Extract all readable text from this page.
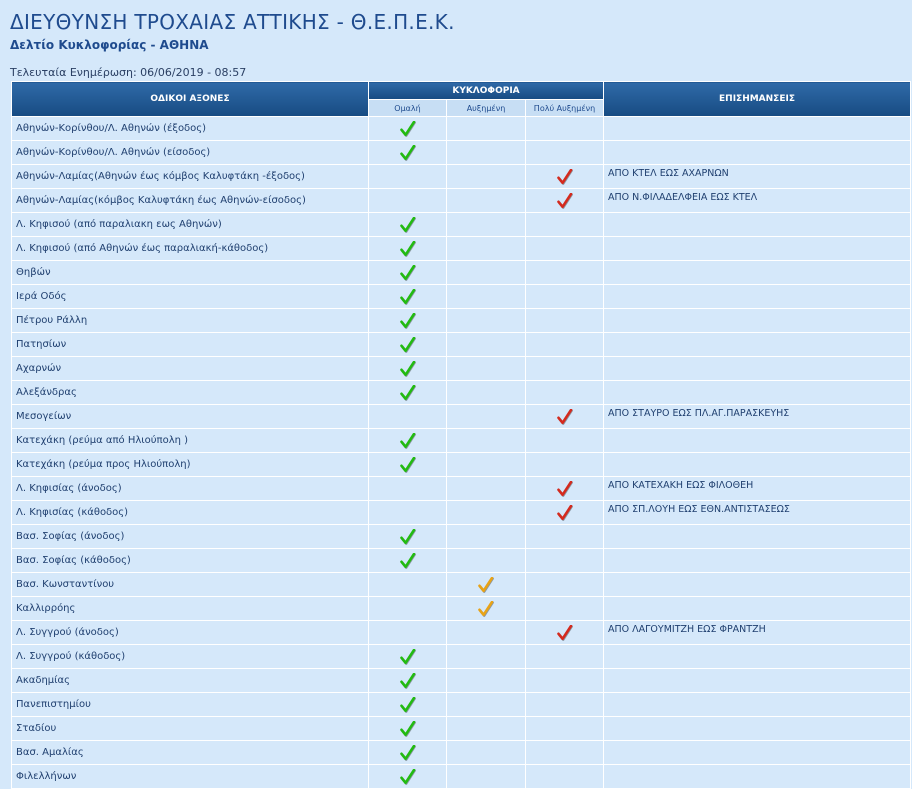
ΔΙΕΥΘΥΝΣΗ ΤΡΟΧΑΙΑΣ ΑΤΤΙΚΗΣ - Θ.Ε.Π.Ε.Κ.
Δελτίο Κυκλοφορίας - ΑΘΗΝΑ
Τελευταία Ενημέρωση: 06/06/2019 - 08:57
ΟΔΙΚΟΙ ΑΞΟΝΕΣ	ΚΥΚΛΟΦΟΡΙΑ			ΕΠΙΣΗΜΑΝΣΕΙΣ
	Ομαλή	Αυξημένη	Πολύ Αυξημένη	
Αθηνών-Κορίνθου/Λ. Αθηνών (έξοδος)				
Αθηνών-Κορίνθου/Λ. Αθηνών (είσοδος)				
Αθηνών-Λαμίας(Αθηνών έως κόμβος Καλυφτάκη -έξοδος)				ΑΠΟ ΚΤΕΛ ΕΩΣ ΑΧΑΡΝΩΝ
Αθηνών-Λαμίας(κόμβος Καλυφτάκη έως Αθηνών-είσοδος)				ΑΠΟ Ν.ΦΙΛΑΔΕΛΦΕΙΑ ΕΩΣ ΚΤΕΛ
Λ. Κηφισού (από παραλιακη εως Αθηνών)				
Λ. Κηφισού (από Αθηνών έως παραλιακή-κάθοδος)				
Θηβών				
Ιερά Οδός				
Πέτρου Ράλλη				
Πατησίων				
Αχαρνών				
Αλεξάνδρας				
Μεσογείων				ΑΠΟ ΣΤΑΥΡΟ ΕΩΣ ΠΛ.ΑΓ.ΠΑΡΑΣΚΕΥΗΣ
Κατεχάκη (ρεύμα από Ηλιούπολη )				
Κατεχάκη (ρεύμα προς Ηλιούπολη)				
Λ. Κηφισίας (άνοδος)				ΑΠΟ ΚΑΤΕΧΑΚΗ ΕΩΣ ΦΙΛΟΘΕΗ
Λ. Κηφισίας (κάθοδος)				ΑΠΟ ΣΠ.ΛΟΥΗ ΕΩΣ ΕΘΝ.ΑΝΤΙΣΤΑΣΕΩΣ
Βασ. Σοφίας (άνοδος)				
Βασ. Σοφίας (κάθοδος)				
Βασ. Κωνσταντίνου				
Καλλιρρόης				
Λ. Συγγρού (άνοδος)				ΑΠΟ ΛΑΓΟΥΜΙΤΖΗ ΕΩΣ ΦΡΑΝΤΖΗ
Λ. Συγγρού (κάθοδος)				
Ακαδημίας				
Πανεπιστημίου				
Σταδίου				
Βασ. Αμαλίας				
Φιλελλήνων				
